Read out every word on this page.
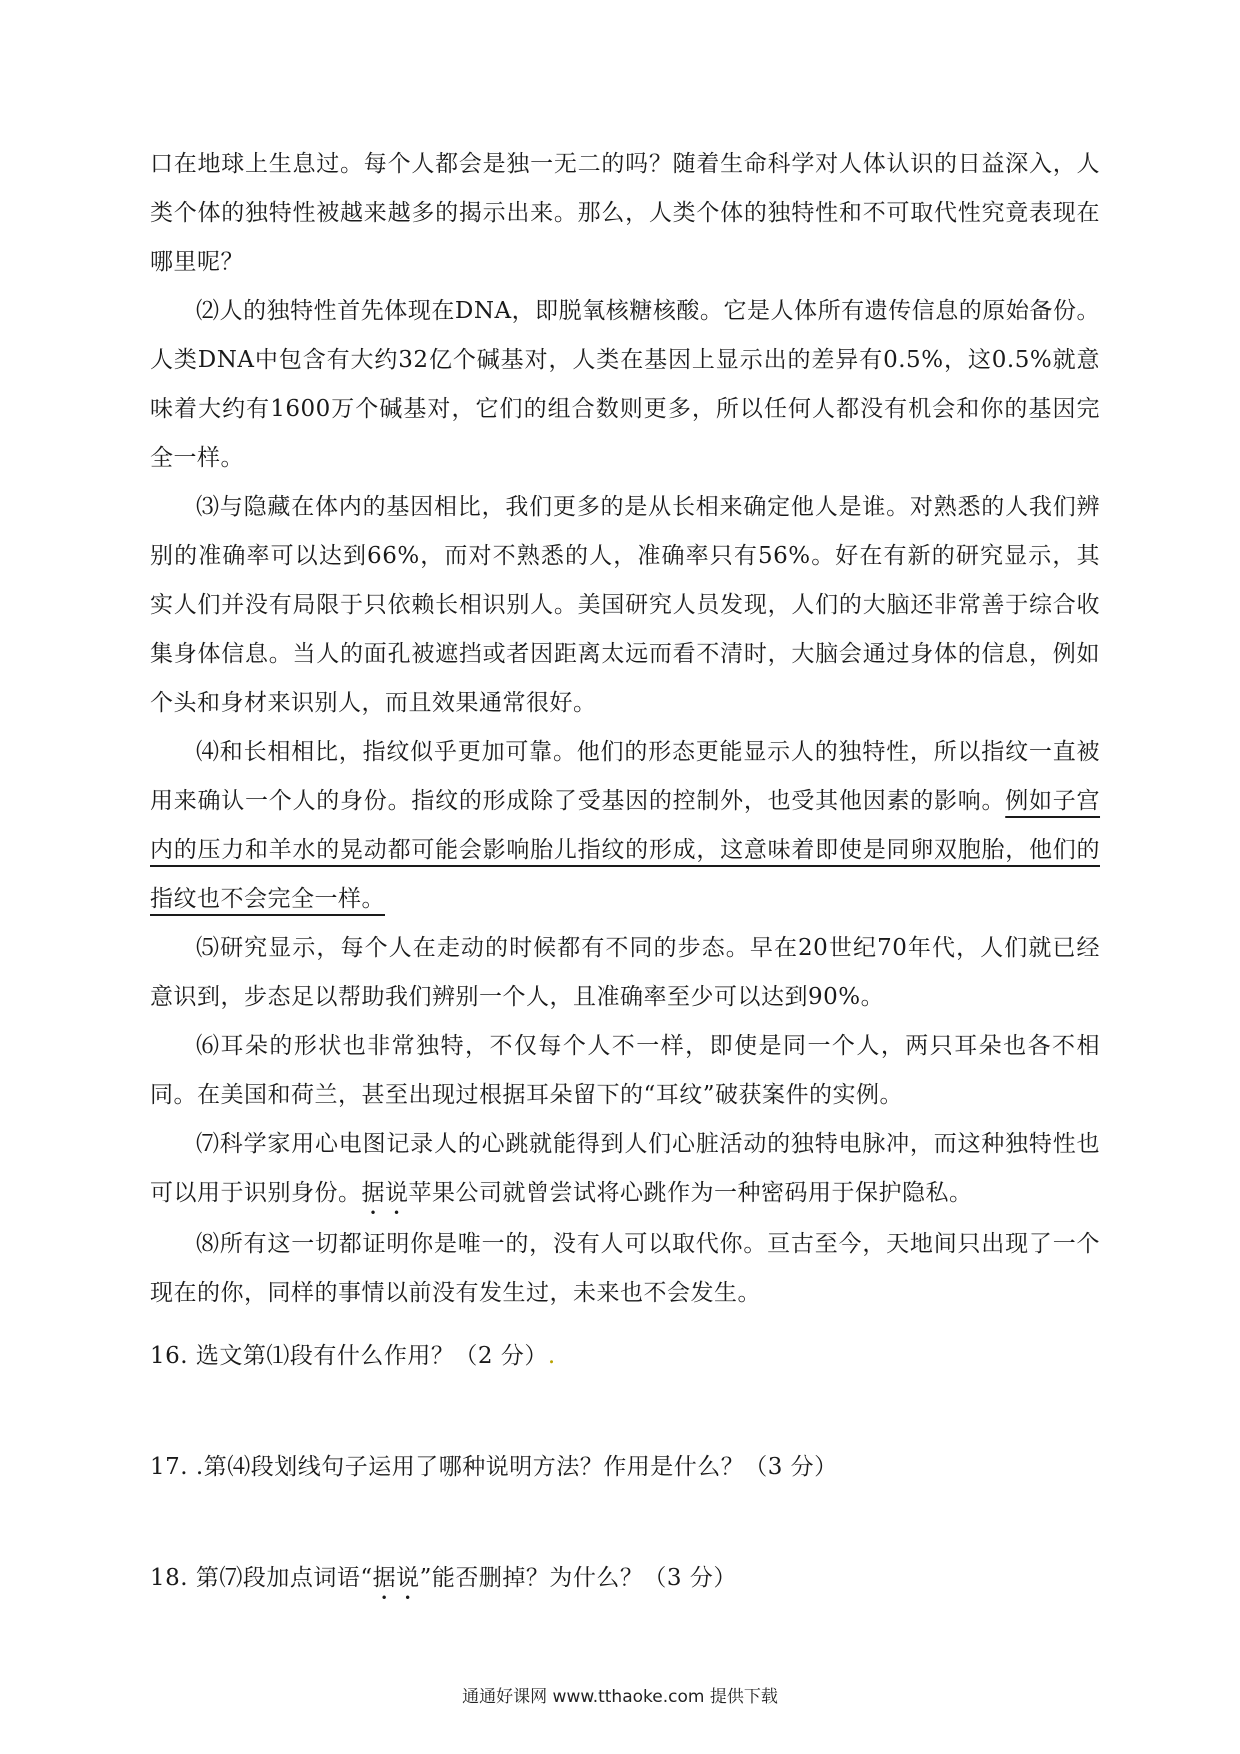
口在地球上生息过。每个人都会是独一无二的吗？随着生命科学对人体认识的日益深入，人类个体的独特性被越来越多的揭示出来。那么，人类个体的独特性和不可取代性究竟表现在哪里呢？

⑵人的独特性首先体现在DNA，即脱氧核糖核酸。它是人体所有遗传信息的原始备份。人类DNA中包含有大约32亿个碱基对，人类在基因上显示出的差异有0.5%，这0.5%就意味着大约有1600万个碱基对，它们的组合数则更多，所以任何人都没有机会和你的基因完全一样。

⑶与隐藏在体内的基因相比，我们更多的是从长相来确定他人是谁。对熟悉的人我们辨别的准确率可以达到66%，而对不熟悉的人，准确率只有56%。好在有新的研究显示，其实人们并没有局限于只依赖长相识别人。美国研究人员发现，人们的大脑还非常善于综合收集身体信息。当人的面孔被遮挡或者因距离太远而看不清时，大脑会通过身体的信息，例如个头和身材来识别人，而且效果通常很好。

⑷和长相相比，指纹似乎更加可靠。他们的形态更能显示人的独特性，所以指纹一直被用来确认一个人的身份。指纹的形成除了受基因的控制外，也受其他因素的影响。例如子宫内的压力和羊水的晃动都可能会影响胎儿指纹的形成，这意味着即使是同卵双胞胎，他们的指纹也不会完全一样。

⑸研究显示，每个人在走动的时候都有不同的步态。早在20世纪70年代，人们就已经意识到，步态足以帮助我们辨别一个人，且准确率至少可以达到90%。

⑹耳朵的形状也非常独特，不仅每个人不一样，即使是同一个人，两只耳朵也各不相同。在美国和荷兰，甚至出现过根据耳朵留下的“耳纹”破获案件的实例。

⑺科学家用心电图记录人的心跳就能得到人们心脏活动的独特电脉冲，而这种独特性也可以用于识别身份。据说苹果公司就曾尝试将心跳作为一种密码用于保护隐私。

⑻所有这一切都证明你是唯一的，没有人可以取代你。亘古至今，天地间只出现了一个现在的你，同样的事情以前没有发生过，未来也不会发生。

16. 选文第⑴段有什么作用？（2 分）.
17. .第⑷段划线句子运用了哪种说明方法？作用是什么？（3 分）
18. 第⑺段加点词语“据说”能否删掉？为什么？（3 分）
通通好课网 www.tthaoke.com 提供下载
